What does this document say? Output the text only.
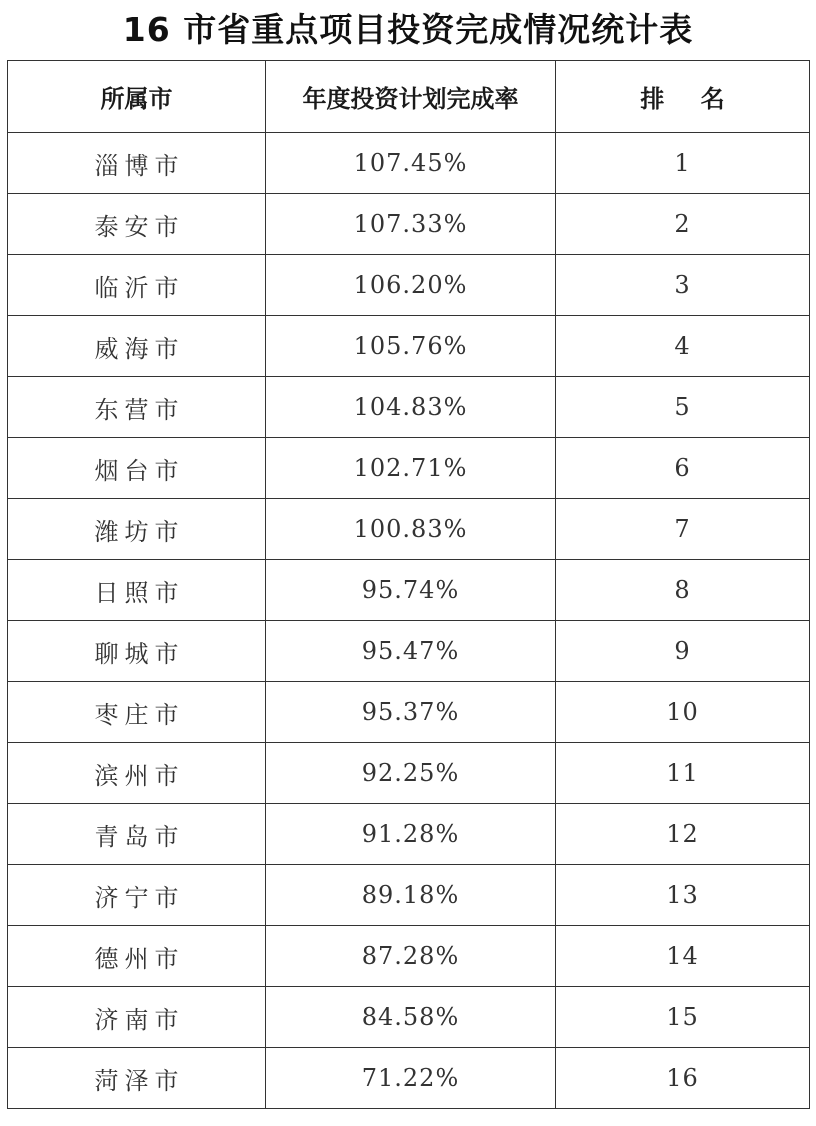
16 市省重点项目投资完成情况统计表
所属市	年度投资计划完成率	排 名
淄博市	107.45%	1
泰安市	107.33%	2
临沂市	106.20%	3
威海市	105.76%	4
东营市	104.83%	5
烟台市	102.71%	6
潍坊市	100.83%	7
日照市	95.74%	8
聊城市	95.47%	9
枣庄市	95.37%	10
滨州市	92.25%	11
青岛市	91.28%	12
济宁市	89.18%	13
德州市	87.28%	14
济南市	84.58%	15
菏泽市	71.22%	16
